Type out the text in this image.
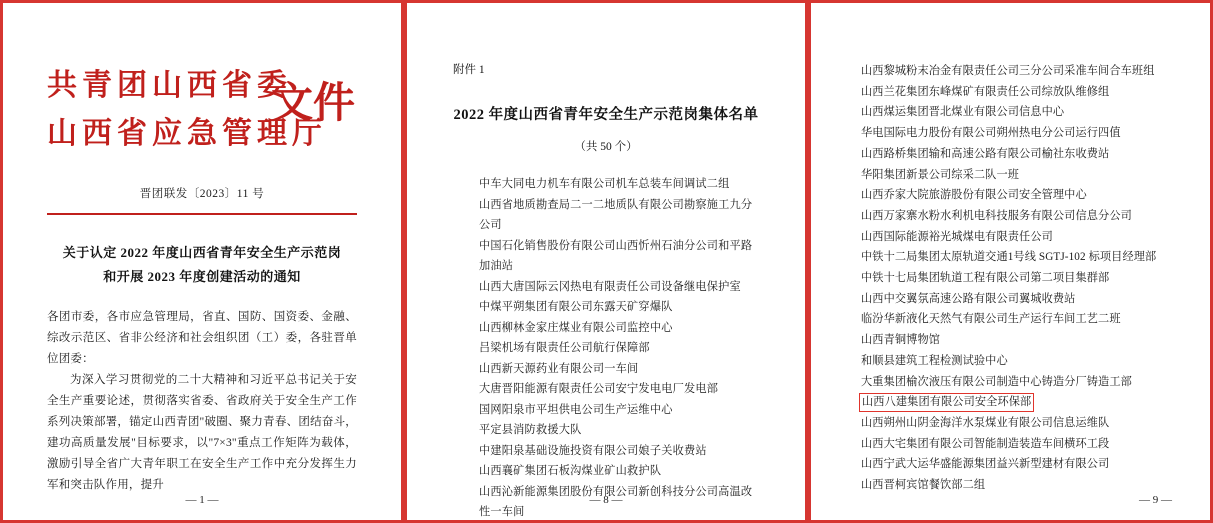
共青团山西省委
山西省应急管理厅
文件
晋团联发〔2023〕11 号
关于认定 2022 年度山西省青年安全生产示范岗
和开展 2023 年度创建活动的通知

各团市委，各市应急管理局，省直、国防、国资委、金融、综改示范区、省非公经济和社会组织团（工）委，各驻晋单位团委：

为深入学习贯彻党的二十大精神和习近平总书记关于安全生产重要论述，贯彻落实省委、省政府关于安全生产工作系列决策部署，锚定山西青团"破圈、聚力青春、团结奋斗，建功高质量发展"目标要求，以"7×3"重点工作矩阵为载体，激励引导全省广大青年职工在安全生产工作中充分发挥生力军和突击队作用，提升

— 1 —
附件 1
2022 年度山西省青年安全生产示范岗集体名单
（共 50 个）
中车大同电力机车有限公司机车总装车间调试二组
山西省地质勘查局二一二地质队有限公司勘察施工九分公司
中国石化销售股份有限公司山西忻州石油分公司和平路加油站
山西大唐国际云冈热电有限责任公司设备继电保护室
中煤平朔集团有限公司东露天矿穿爆队
山西柳林金家庄煤业有限公司监控中心
吕梁机场有限责任公司航行保障部
山西新天源药业有限公司一车间
大唐晋阳能源有限责任公司安宁发电电厂发电部
国网阳泉市平坦供电公司生产运维中心
平定县消防救援大队
中建阳泉基础设施投资有限公司娘子关收费站
山西襄矿集团石板沟煤业矿山救护队
山西沁新能源集团股份有限公司新创科技分公司高温改性一车间
— 8 —
山西黎城粉末冶金有限责任公司三分公司采准车间合车班组
山西兰花集团东峰煤矿有限责任公司综放队维修组
山西煤运集团晋北煤业有限公司信息中心
华电国际电力股份有限公司朔州热电分公司运行四值
山西路桥集团输和高速公路有限公司榆社东收费站
华阳集团新景公司综采二队一班
山西乔家大院旅游股份有限公司安全管理中心
山西万家寨水粉水利机电科技服务有限公司信息分公司
山西国际能源裕光城煤电有限责任公司
中铁十二局集团太原轨道交通1号线 SGTJ-102 标项目经理部
中铁十七局集团轨道工程有限公司第二项目集群部
山西中交翼氛高速公路有限公司翼城收费站
临汾华新液化天然气有限公司生产运行车间工艺二班
山西青铜博物馆
和顺县建筑工程检测试验中心
大重集团榆次液压有限公司制造中心铸造分厂铸造工部
山西八建集团有限公司安全环保部
山西朔州山阴金海洋水泵煤业有限公司信息运维队
山西大宅集团有限公司智能制造装造车间横环工段
山西宁武大运华盛能源集团益兴新型建材有限公司
山西晋柯宾馆餐饮部二组
— 9 —
